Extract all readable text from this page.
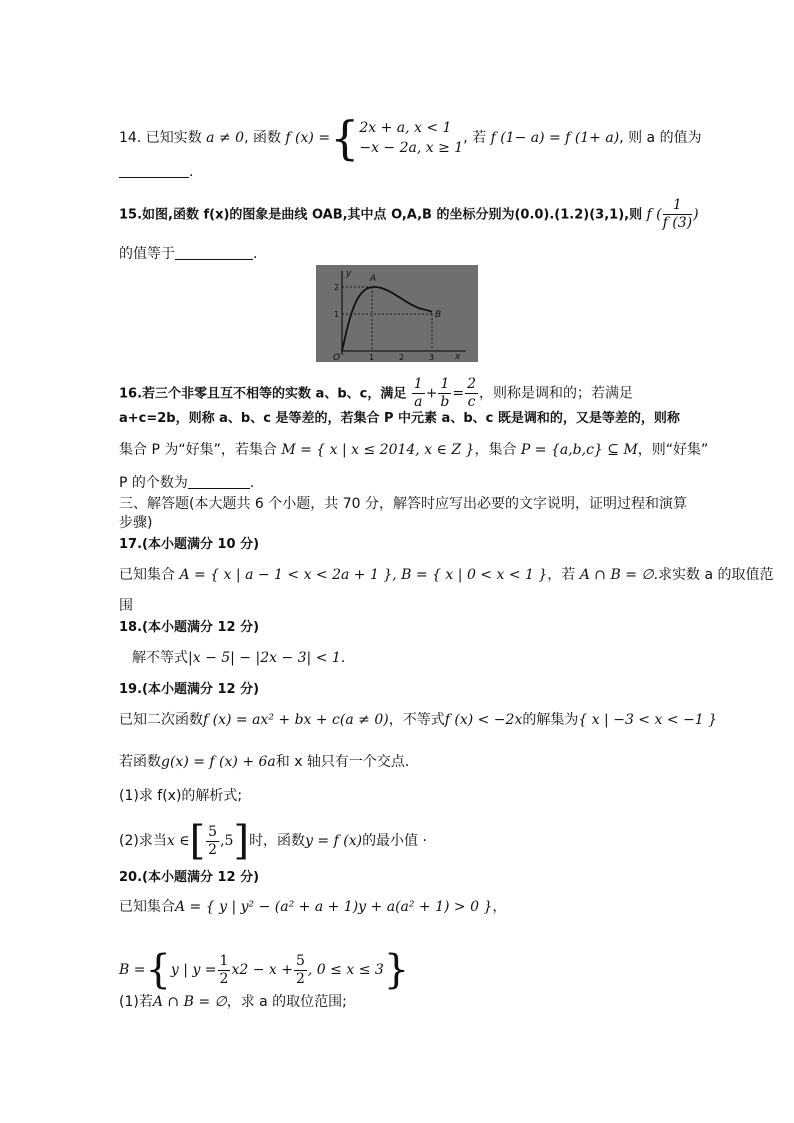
14. 已知实数 a ≠ 0, 函数 f (x) ={ 2x + a, x < 1
−x − 2a, x ≥ 1
, 若 f (1− a) = f (1+ a), 则 a 的值为
.
15.如图,函数 f(x)的图象是曲线 OAB,其中点 O,A,B 的坐标分别为(0.0).(1.2)(3,1),则 f ( $\frac{1}{f (3)}$ )
的值等于	.
y A
B
O	x
1	2	3
1
2
16.若三个非零且互不相等的实数 a、b、c，满足 $\frac{1}{a} + \frac{1}{b} = \frac{2}{c}$ ，则称是调和的；若满足
a+c=2b，则称 a、b、c 是等差的，若集合 P 中元素 a、b、c 既是调和的，又是等差的，则称
集合 P 为“好集”，若集合 M = { x | x ≤ 2014, x ∈ Z }，集合 P = {a,b,c} ⊆ M，则“好集”
P 的个数为	.
三、解答题(本大题共 6 个小题，共 70 分，解答时应写出必要的文字说明，证明过程和演算
步骤)
17.(本小题满分 10 分)
已知集合 A = { x | a − 1 < x < 2a + 1 }, B = { x | 0 < x < 1 }，若 A ∩ B = ∅.求实数 a 的取值范
围
18.(本小题满分 12 分)
解不等式|x − 5| − |2x − 3| < 1.
19.(本小题满分 12 分)
已知二次函数f (x) = ax² + bx + c(a ≠ 0)，不等式f (x) < −2x的解集为{ x | −3 < x < −1 }
若函数g(x) = f (x) + 6a和 x 轴只有一个交点.
(1)求 f(x)的解析式;
(2)求当x ∈[ $\frac{5}{2} ,5$]时，函数y = f (x)的最小值 ·
20.(本小题满分 12 分)
已知集合A = { y | y² − (a² + a + 1)y + a(a² + 1) > 0 }，
B ={y | $y = \frac{1}{2} x2 - x + \frac{5}{2}$ , 0 ≤ x ≤ 3}
(1)若A ∩ B = ∅，求 a 的取位范围;
